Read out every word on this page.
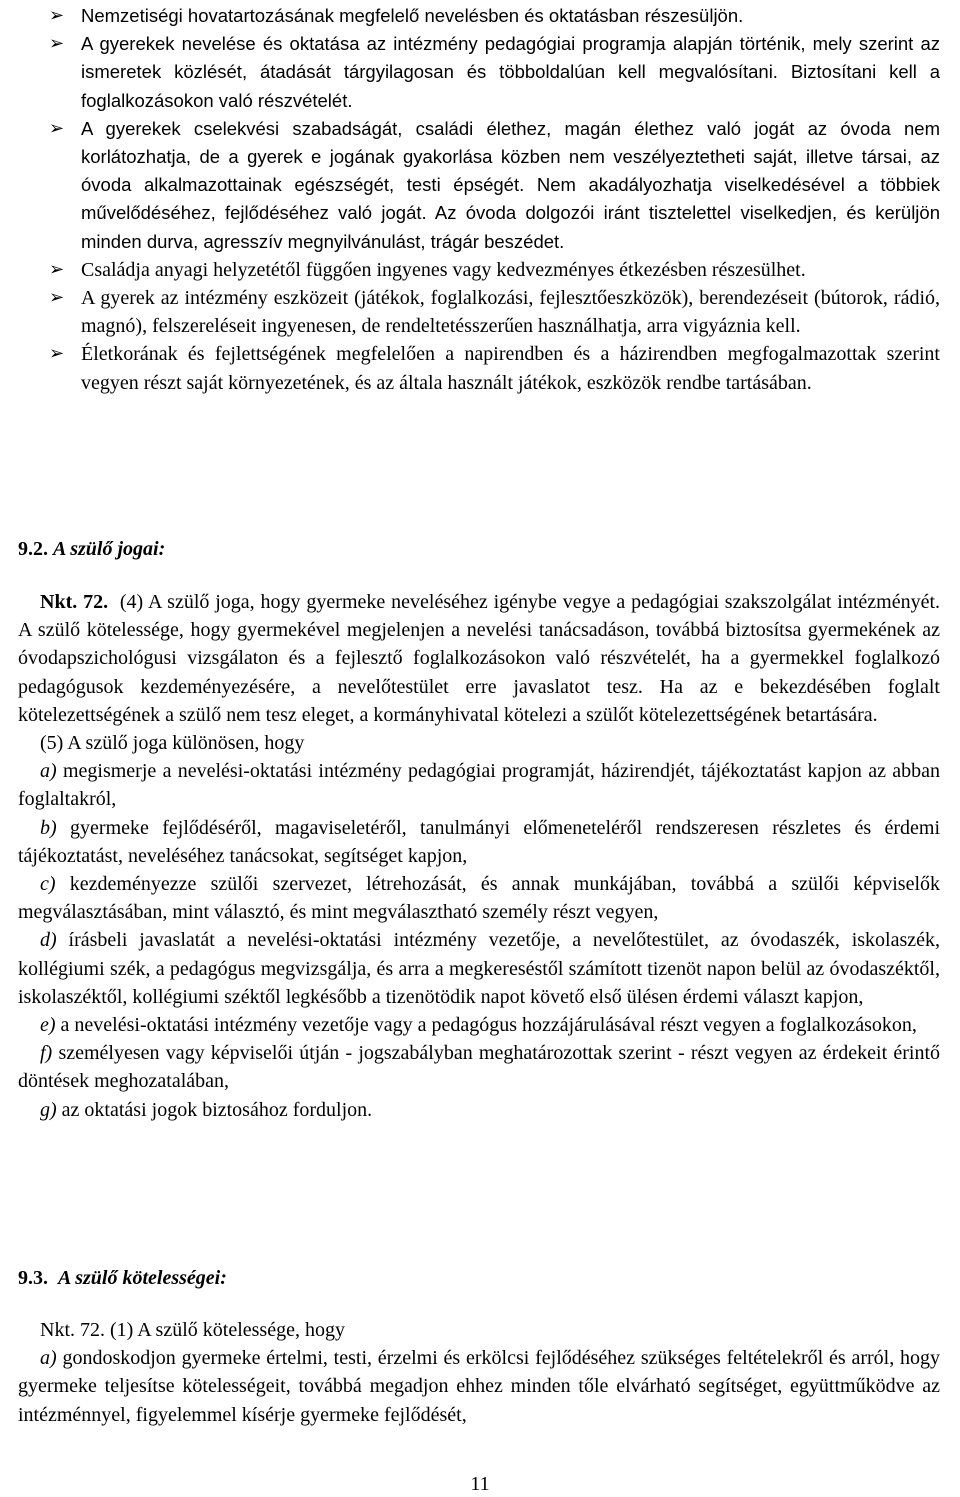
➢ Nemzetiségi hovatartozásának megfelelő nevelésben és oktatásban részesüljön.

➢ A gyerekek nevelése és oktatása az intézmény pedagógiai programja alapján történik, mely szerint az ismeretek közlését, átadását tárgyilagosan és többoldalúan kell megvalósítani. Biztosítani kell a foglalkozásokon való részvételét.

➢ A gyerekek cselekvési szabadságát, családi élethez, magán élethez való jogát az óvoda nem korlátozhatja, de a gyerek e jogának gyakorlása közben nem veszélyeztetheti saját, illetve társai, az óvoda alkalmazottainak egészségét, testi épségét. Nem akadályozhatja viselkedésével a többiek művelődéséhez, fejlődéséhez való jogát. Az óvoda dolgozói iránt tisztelettel viselkedjen, és kerüljön minden durva, agresszív megnyilvánulást, trágár beszédet.

➢ Családja anyagi helyzetétől függően ingyenes vagy kedvezményes étkezésben részesülhet.

➢ A gyerek az intézmény eszközeit (játékok, foglalkozási, fejlesztőeszközök), berendezéseit (bútorok, rádió, magnó), felszereléseit ingyenesen, de rendeltetésszerűen használhatja, arra vigyáznia kell.

➢ Életkorának és fejlettségének megfelelően a napirendben és a házirendben megfogalmazottak szerint vegyen részt saját környezetének, és az általa használt játékok, eszközök rendbe tartásában.

9.2. A szülő jogai:

Nkt. 72. (4) A szülő joga, hogy gyermeke neveléséhez igénybe vegye a pedagógiai szakszolgálat intézményét. A szülő kötelessége, hogy gyermekével megjelenjen a nevelési tanácsadáson, továbbá biztosítsa gyermekének az óvodapszichológusi vizsgálaton és a fejlesztő foglalkozásokon való részvételét, ha a gyermekkel foglalkozó pedagógusok kezdeményezésére, a nevelőtestület erre javaslatot tesz. Ha az e bekezdésében foglalt kötelezettségének a szülő nem tesz eleget, a kormányhivatal kötelezi a szülőt kötelezettségének betartására.

(5) A szülő joga különösen, hogy

a) megismerje a nevelési-oktatási intézmény pedagógiai programját, házirendjét, tájékoztatást kapjon az abban foglaltakról,

b) gyermeke fejlődéséről, magaviseletéről, tanulmányi előmeneteléről rendszeresen részletes és érdemi tájékoztatást, neveléséhez tanácsokat, segítséget kapjon,

c) kezdeményezze szülői szervezet, létrehozását, és annak munkájában, továbbá a szülői képviselők megválasztásában, mint választó, és mint megválasztható személy részt vegyen,

d) írásbeli javaslatát a nevelési-oktatási intézmény vezetője, a nevelőtestület, az óvodaszék, iskolaszék, kollégiumi szék, a pedagógus megvizsgálja, és arra a megkereséstől számított tizenöt napon belül az óvodaszéktől, iskolaszéktől, kollégiumi széktől legkésőbb a tizenötödik napot követő első ülésen érdemi választ kapjon,

e) a nevelési-oktatási intézmény vezetője vagy a pedagógus hozzájárulásával részt vegyen a foglalkozásokon,

f) személyesen vagy képviselői útján - jogszabályban meghatározottak szerint - részt vegyen az érdekeit érintő döntések meghozatalában,

g) az oktatási jogok biztosához forduljon.

9.3. A szülő kötelességei:

Nkt. 72. (1) A szülő kötelessége, hogy

a) gondoskodjon gyermeke értelmi, testi, érzelmi és erkölcsi fejlődéséhez szükséges feltételekről és arról, hogy gyermeke teljesítse kötelességeit, továbbá megadjon ehhez minden tőle elvárható segítséget, együttműködve az intézménnyel, figyelemmel kísérje gyermeke fejlődését,

11
